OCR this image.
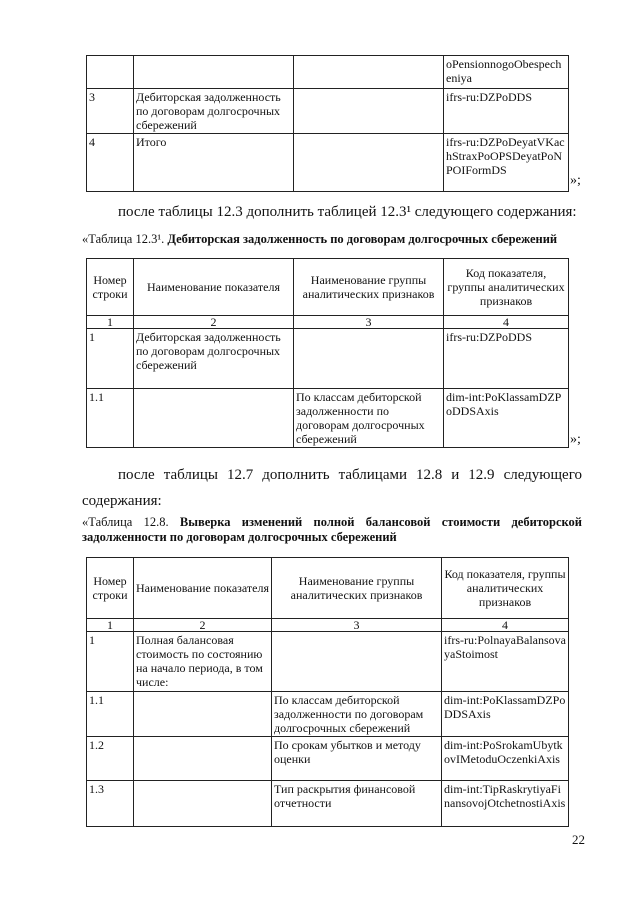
			oPensionnogoObespecheniya
3	Дебиторская задолженность по договорам долгосрочных сбережений		ifrs-ru:DZPoDDS
4	Итого		ifrs-ru:DZPoDeyatVKachStraxPoOPSDeyatPoNPOIFormDS
»;

после таблицы 12.3 дополнить таблицей 12.3¹ следующего содержания:

«Таблица 12.3¹. Дебиторская задолженность по договорам долгосрочных сбережений
Номер строки	Наименование показателя	Наименование группы аналитических признаков	Код показателя, группы аналитических признаков
1	2	3	4
1	Дебиторская задолженность по договорам долгосрочных сбережений		ifrs-ru:DZPoDDS
1.1		По классам дебиторской задолженности по договорам долгосрочных сбережений	dim-int:PoKlassamDZPoDDSAxis
»;

после таблицы 12.7 дополнить таблицами 12.8 и 12.9 следующего содержания:

«Таблица 12.8. Выверка изменений полной балансовой стоимости дебиторской задолженности по договорам долгосрочных сбережений
Номер строки	Наименование показателя	Наименование группы аналитических признаков	Код показателя, группы аналитических признаков
1	2	3	4
1	Полная балансовая стоимость по состоянию на начало периода, в том числе:		ifrs-ru:PolnayaBalansovayaStoimost
1.1		По классам дебиторской задолженности по договорам долгосрочных сбережений	dim-int:PoKlassamDZPoDDSAxis
1.2		По срокам убытков и методу оценки	dim-int:PoSrokamUbytkovIMetoduOczenkiAxis
1.3		Тип раскрытия финансовой отчетности	dim-int:TipRaskrytiyaFinansovojOtchetnostiAxis
22
